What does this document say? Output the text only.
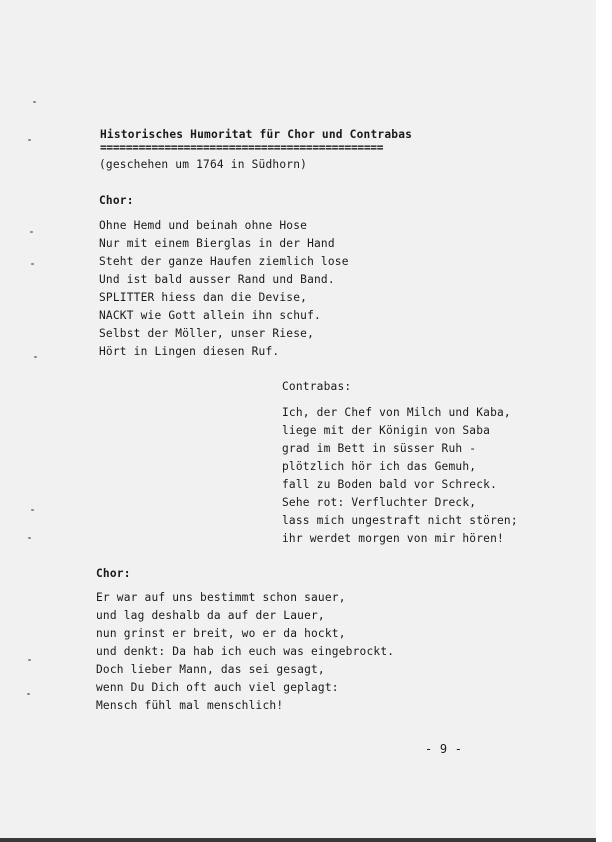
Historisches Humoritat für Chor und Contrabas
============================================
(geschehen um 1764 in Südhorn)
Chor:
Ohne Hemd und beinah ohne Hose
Nur mit einem Bierglas in der Hand
Steht der ganze Haufen ziemlich lose
Und ist bald ausser Rand und Band.
SPLITTER hiess dan die Devise,
NACKT wie Gott allein ihn schuf.
Selbst der Möller, unser Riese,
Hört in Lingen diesen Ruf.
Contrabas:
Ich, der Chef von Milch und Kaba,
liege mit der Königin von Saba
grad im Bett in süsser Ruh -
plötzlich hör ich das Gemuh,
fall zu Boden bald vor Schreck.
Sehe rot: Verfluchter Dreck,
lass mich ungestraft nicht stören;
ihr werdet morgen von mir hören!
Chor:
Er war auf uns bestimmt schon sauer,
und lag deshalb da auf der Lauer,
nun grinst er breit, wo er da hockt,
und denkt: Da hab ich euch was eingebrockt.
Doch lieber Mann, das sei gesagt,
wenn Du Dich oft auch viel geplagt:
Mensch fühl mal menschlich!
- 9 -
